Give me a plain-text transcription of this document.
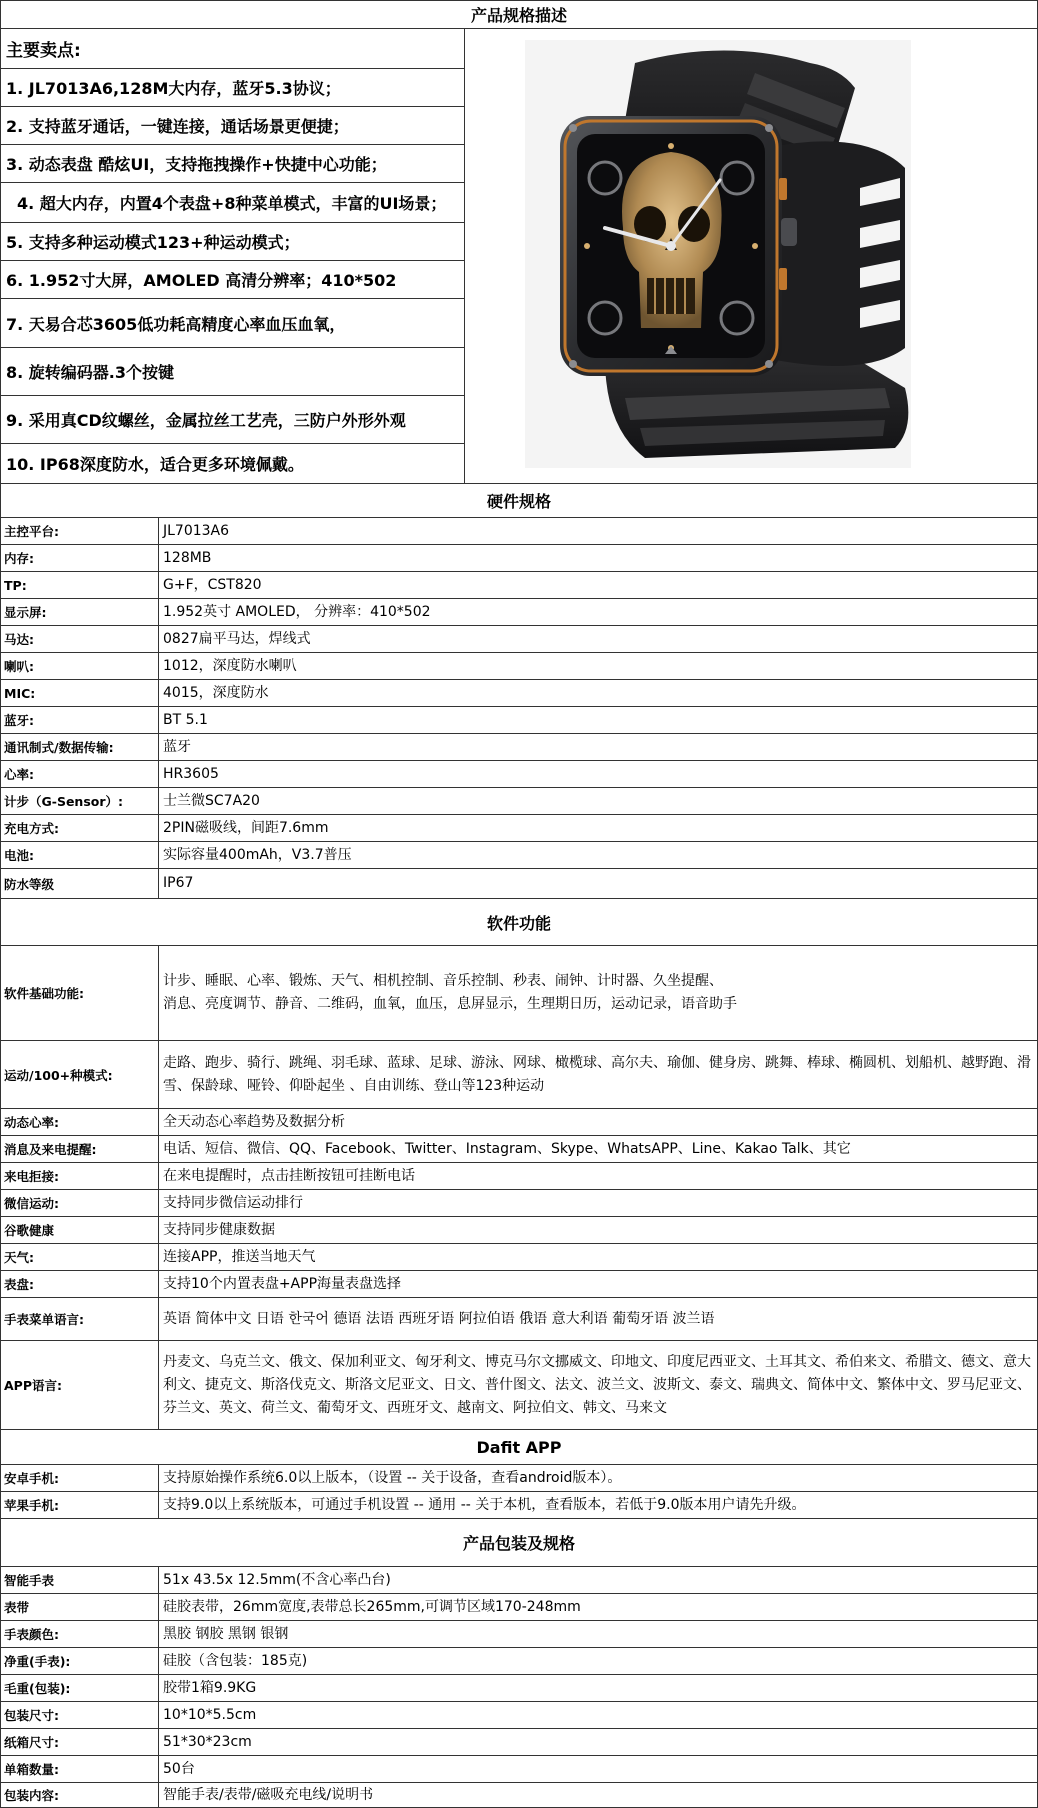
产品规格描述
主要卖点:
1. JL7013A6,128M大内存，蓝牙5.3协议；
2. 支持蓝牙通话，一键连接，通话场景更便捷；
3. 动态表盘 酷炫UI，支持拖拽操作+快捷中心功能；
4. 超大内存，内置4个表盘+8种菜单模式，丰富的UI场景；
5. 支持多种运动模式123+种运动模式；
6. 1.952寸大屏，AMOLED 高清分辨率；410*502
7. 天易合芯3605低功耗高精度心率血压血氧，
8. 旋转编码器.3个按键
9. 采用真CD纹螺丝，金属拉丝工艺壳，三防户外形外观
10. IP68深度防水，适合更多环境佩戴。
硬件规格
软件功能
Dafit APP
产品包装及规格
主控平台:	JL7013A6
内存:	128MB
TP:	G+F，CST820
显示屏:	1.952英寸 AMOLED， 分辨率：410*502
马达:	0827扁平马达，焊线式
喇叭:	1012，深度防水喇叭
MIC:	4015，深度防水
蓝牙:	BT 5.1
通讯制式/数据传输:	蓝牙
心率:	HR3605
计步（G-Sensor）:	士兰微SC7A20
充电方式:	2PIN磁吸线，间距7.6mm
电池:	实际容量400mAh，V3.7普压
防水等级	IP67
软件基础功能:
计步、睡眠、心率、锻炼、天气、相机控制、音乐控制、秒表、闹钟、计时器、久坐提醒、
消息、亮度调节、静音、二维码，血氧，血压，息屏显示，生理期日历，运动记录，语音助手
运动/100+种模式:
走路、跑步、骑行、跳绳、羽毛球、蓝球、足球、游泳、网球、橄榄球、高尔夫、瑜伽、健身房、跳舞、棒球、椭圆机、划船机、越野跑、滑雪、保龄球、哑铃、仰卧起坐 、自由训练、登山等123种运动
动态心率:	全天动态心率趋势及数据分析
消息及来电提醒:	电话、短信、微信、QQ、Facebook、Twitter、Instagram、Skype、WhatsAPP、Line、Kakao Talk、其它
来电拒接:	在来电提醒时，点击挂断按钮可挂断电话
微信运动:	支持同步微信运动排行
谷歌健康	支持同步健康数据
天气:	连接APP，推送当地天气
表盘:	支持10个内置表盘+APP海量表盘选择
手表菜单语言:	英语 简体中文 日语 한국어 德语 法语 西班牙语 阿拉伯语 俄语 意大利语 葡萄牙语 波兰语
APP语言:
丹麦文、乌克兰文、俄文、保加利亚文、匈牙利文、博克马尔文挪威文、印地文、印度尼西亚文、土耳其文、希伯来文、希腊文、德文、意大利文、捷克文、斯洛伐克文、斯洛文尼亚文、日文、普什图文、法文、波兰文、波斯文、泰文、瑞典文、简体中文、繁体中文、罗马尼亚文、芬兰文、英文、荷兰文、葡萄牙文、西班牙文、越南文、阿拉伯文、韩文、马来文
安卓手机:	支持原始操作系统6.0以上版本，（设置 -- 关于设备，查看android版本）。
苹果手机:	支持9.0以上系统版本，可通过手机设置 -- 通用 -- 关于本机，查看版本，若低于9.0版本用户请先升级。
智能手表	51x 43.5x 12.5mm(不含心率凸台)
表带	硅胶表带，26mm宽度,表带总长265mm,可调节区域170-248mm
手表颜色:	黑胶 钢胶 黑钢 银钢
净重(手表):	硅胶（含包装：185克)
毛重(包装):	胶带1箱9.9KG
包装尺寸:	10*10*5.5cm
纸箱尺寸:	51*30*23cm
单箱数量:	50台
包装内容:	智能手表/表带/磁吸充电线/说明书
